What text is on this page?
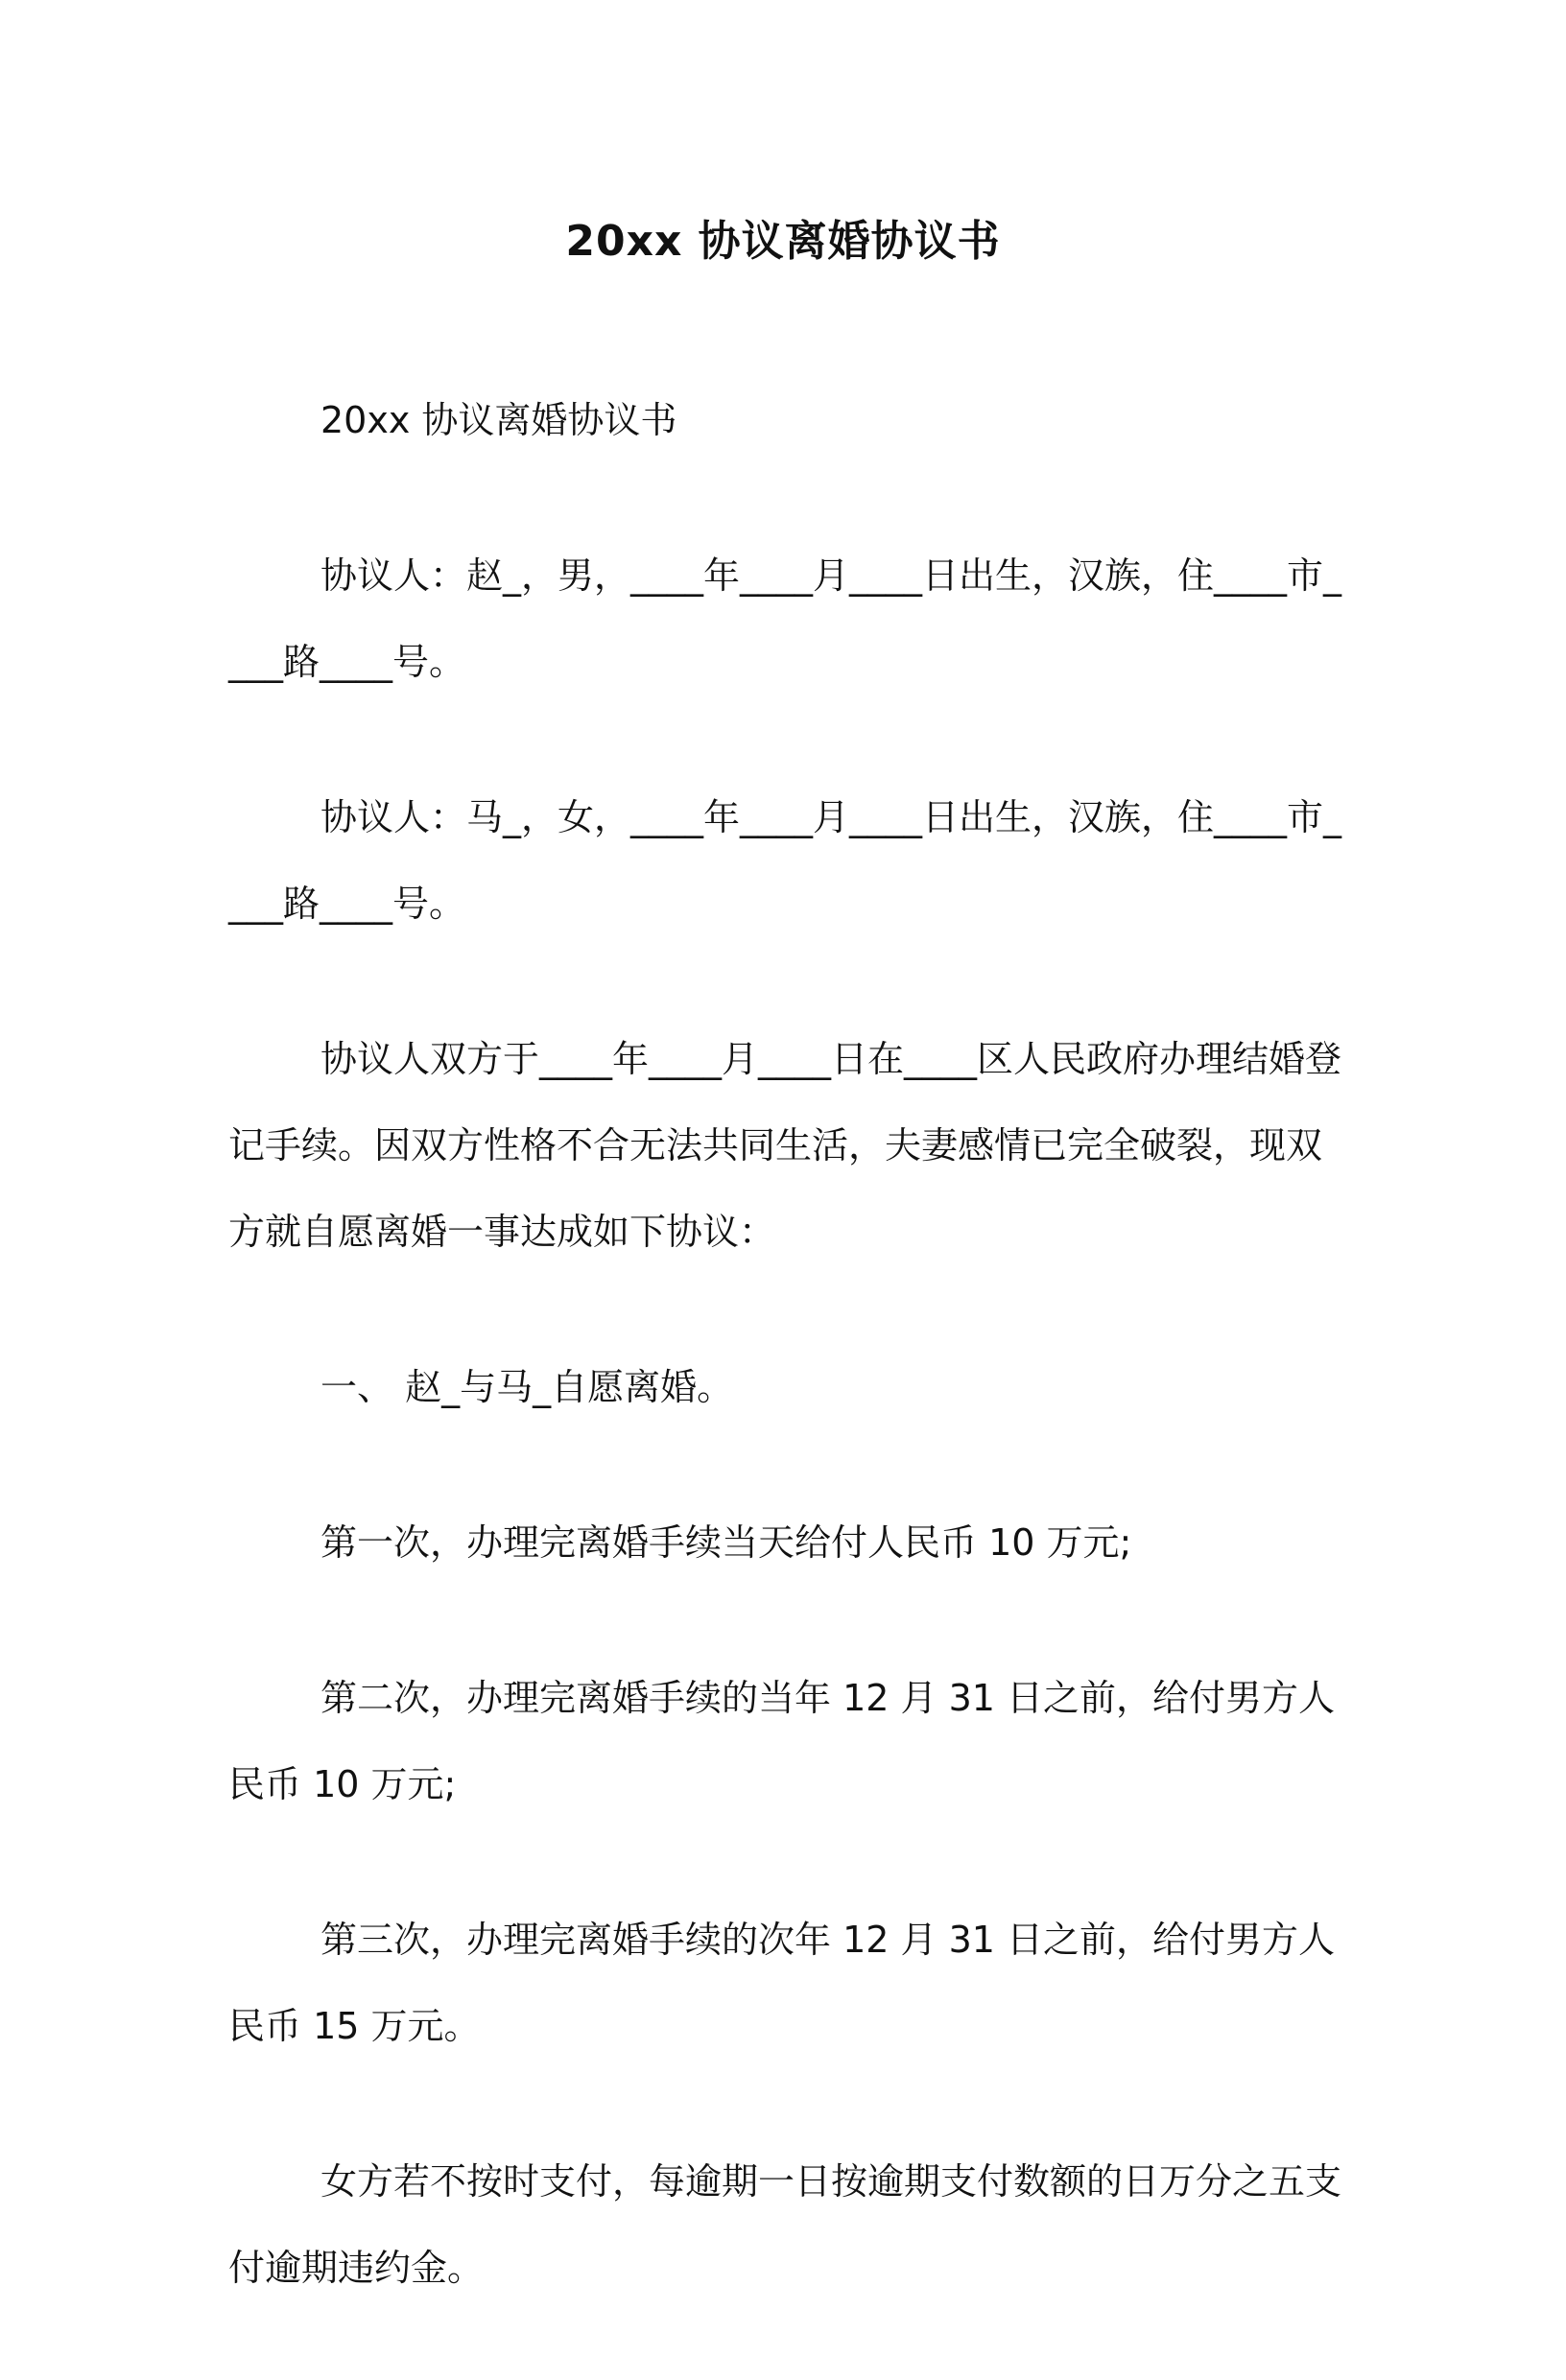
20xx 协议离婚协议书

20xx 协议离婚协议书

协议人：赵_，男，____年____月____日出生，汉族，住____市____路____号。

协议人：马_，女，____年____月____日出生，汉族，住____市____路____号。

协议人双方于____年____月____日在____区人民政府办理结婚登记手续。因双方性格不合无法共同生活，夫妻感情已完全破裂，现双方就自愿离婚一事达成如下协议：

一、 赵_与马_自愿离婚。

第一次，办理完离婚手续当天给付人民币 10 万元;

第二次，办理完离婚手续的当年 12 月 31 日之前，给付男方人民币 10 万元;

第三次，办理完离婚手续的次年 12 月 31 日之前，给付男方人民币 15 万元。

女方若不按时支付，每逾期一日按逾期支付数额的日万分之五支付逾期违约金。
